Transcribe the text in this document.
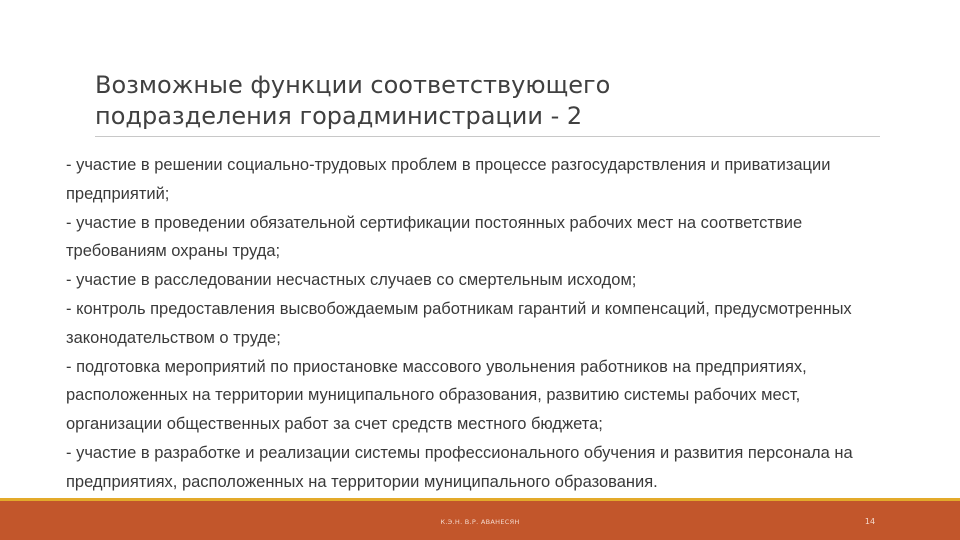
Возможные функции соответствующего
подразделения горадминистрации - 2
- участие в решении социально-трудовых проблем в процессе разгосударствления и приватизации предприятий;
- участие в проведении обязательной сертификации постоянных рабочих мест на соответствие требованиям охраны труда;
- участие в расследовании несчастных случаев со смертельным исходом;
- контроль предоставления высвобождаемым работникам гарантий и компенсаций, предусмотренных законодательством о труде;
- подготовка мероприятий по приостановке массового увольнения работников на предприятиях, расположенных на территории муниципального образования, развитию системы рабочих мест, организации общественных работ за счет средств местного бюджета;
- участие в разработке и реализации системы профессионального обучения и развития персонала на предприятиях, расположенных на территории муниципального образования.
К.Э.Н. В.Р. АВАНЕСЯН	14
